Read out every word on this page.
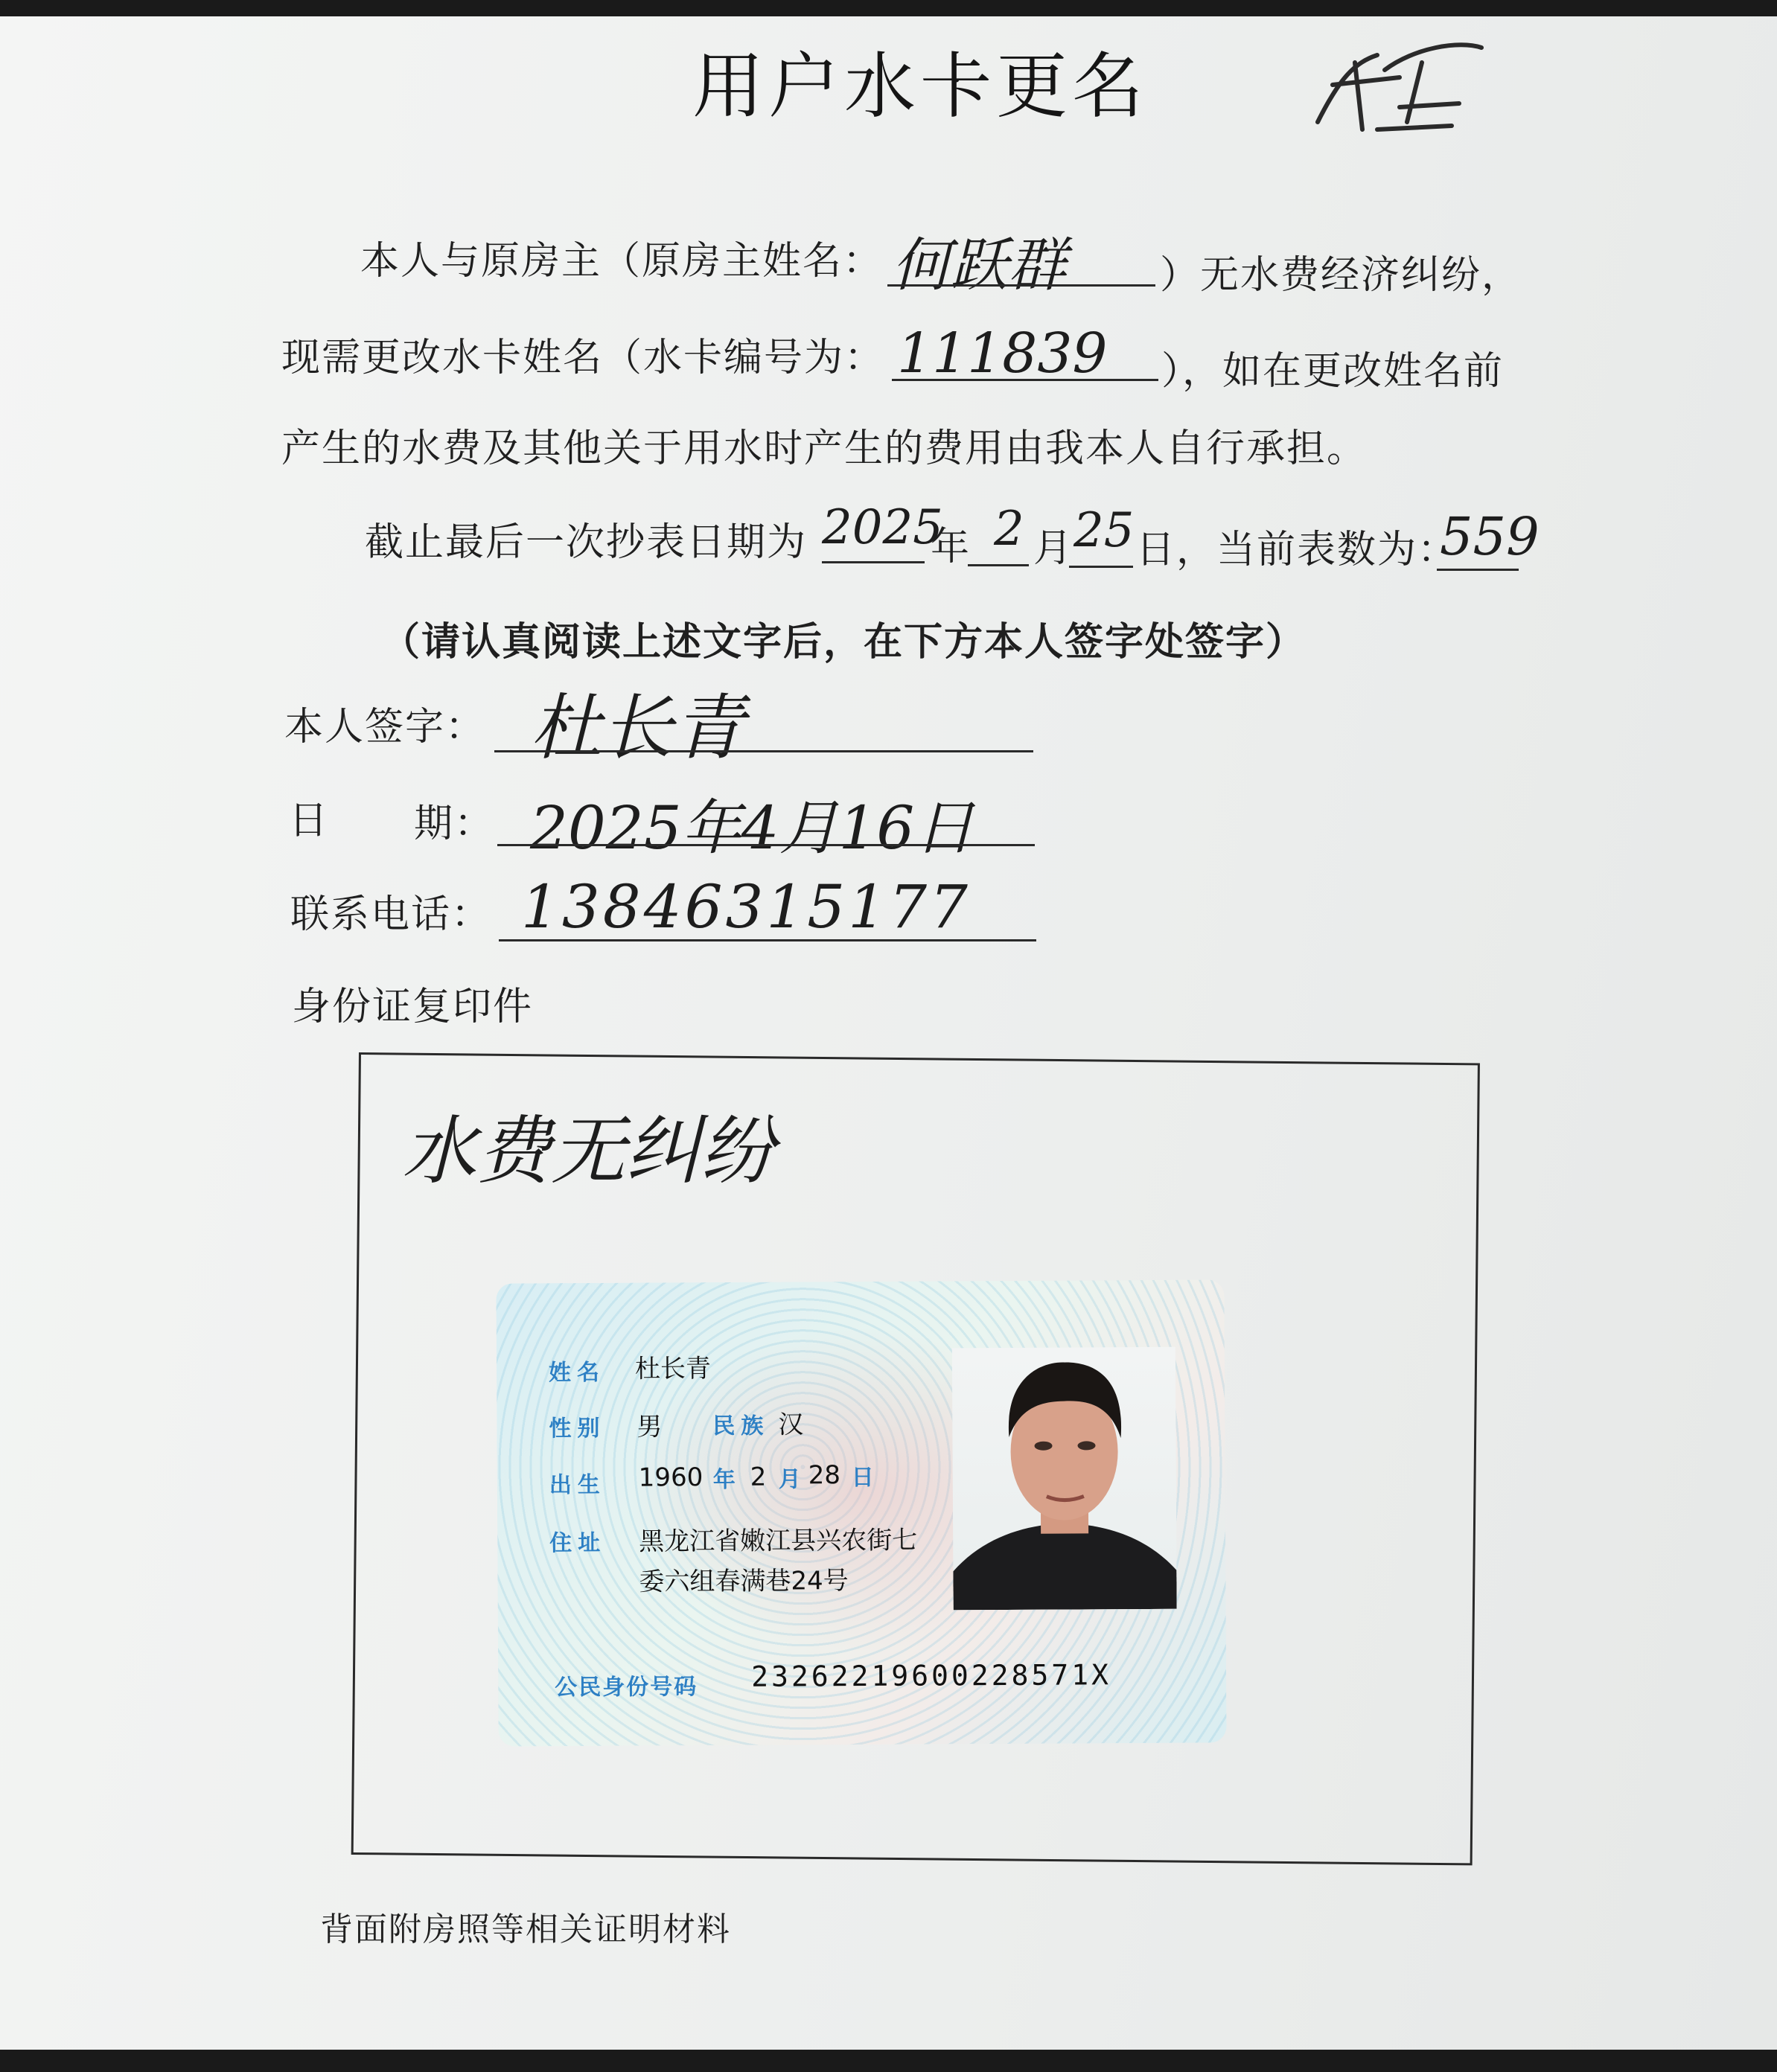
用户水卡更名
本人与原房主（原房主姓名： 何跃群 ）无水费经济纠纷，
现需更改水卡姓名（水卡编号为： 111839 ），如在更改姓名前
产生的水费及其他关于用水时产生的费用由我本人自行承担。
截止最后一次抄表日期为 2025
年 2 月 25 日，当前表数为：
559
（请认真阅读上述文字后，在下方本人签字处签字）
本人签字： 杜长青
日 期： 2025年4月16日
联系电话： 13846315177
身份证复印件
水费无纠纷
姓名 杜长青
性别 男 民族 汉
出生 1960 年 2 月 28 日
住址 黑龙江省嫩江县兴农街七
委六组春满巷24号
公民身份号码 23262219600228571X
背面附房照等相关证明材料
